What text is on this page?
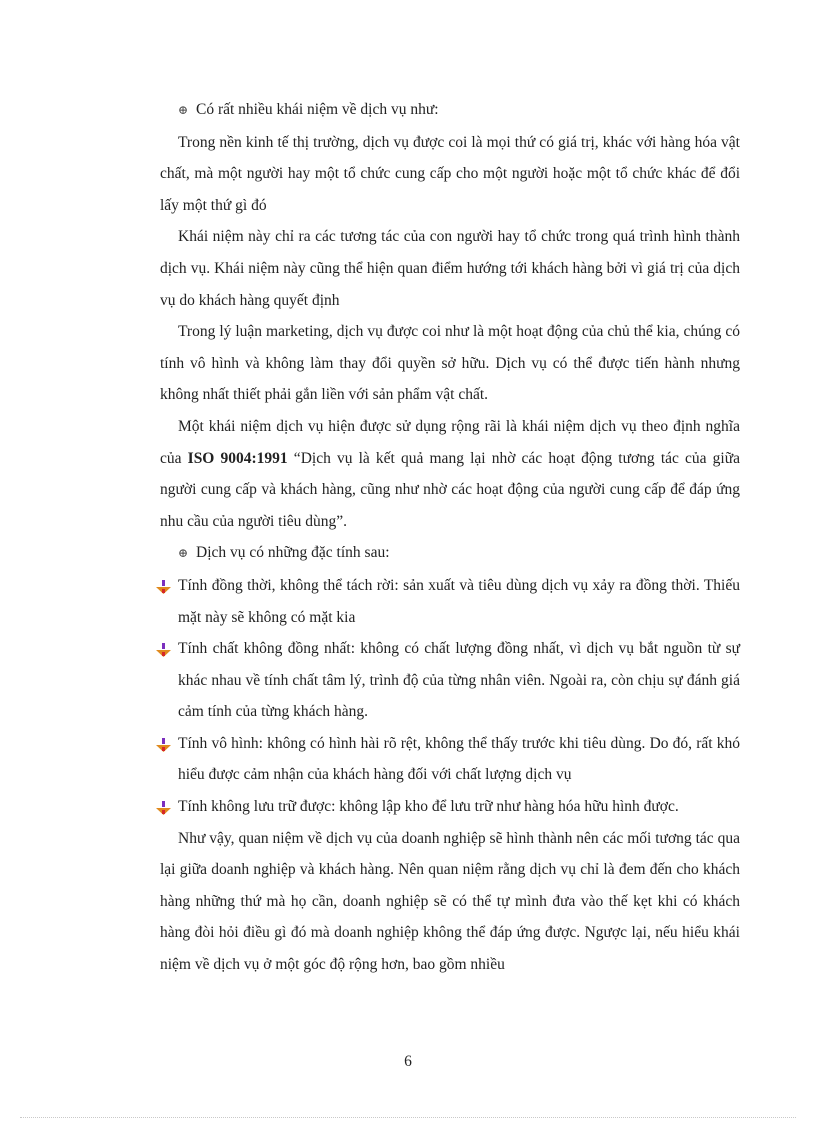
⊕ Có rất nhiều khái niệm về dịch vụ như:

Trong nền kinh tế thị trường, dịch vụ được coi là mọi thứ có giá trị, khác với hàng hóa vật chất, mà một người hay một tổ chức cung cấp cho một người hoặc một tổ chức khác để đổi lấy một thứ gì đó

Khái niệm này chỉ ra các tương tác của con người hay tổ chức trong quá trình hình thành dịch vụ. Khái niệm này cũng thể hiện quan điểm hướng tới khách hàng bởi vì giá trị của dịch vụ do khách hàng quyết định

Trong lý luận marketing, dịch vụ được coi như là một hoạt động của chủ thể kia, chúng có tính vô hình và không làm thay đổi quyền sở hữu. Dịch vụ có thể được tiến hành nhưng không nhất thiết phải gắn liền với sản phẩm vật chất.

Một khái niệm dịch vụ hiện được sử dụng rộng rãi là khái niệm dịch vụ theo định nghĩa của ISO 9004:1991 “Dịch vụ là kết quả mang lại nhờ các hoạt động tương tác của giữa người cung cấp và khách hàng, cũng như nhờ các hoạt động của người cung cấp để đáp ứng nhu cầu của người tiêu dùng”.

⊕ Dịch vụ có những đặc tính sau:

Tính đồng thời, không thể tách rời: sản xuất và tiêu dùng dịch vụ xảy ra đồng thời. Thiếu mặt này sẽ không có mặt kia
Tính chất không đồng nhất: không có chất lượng đồng nhất, vì dịch vụ bắt nguồn từ sự khác nhau về tính chất tâm lý, trình độ của từng nhân viên. Ngoài ra, còn chịu sự đánh giá cảm tính của từng khách hàng.
Tính vô hình: không có hình hài rõ rệt, không thể thấy trước khi tiêu dùng. Do đó, rất khó hiểu được cảm nhận của khách hàng đối với chất lượng dịch vụ
Tính không lưu trữ được: không lập kho để lưu trữ như hàng hóa hữu hình được.

Như vậy, quan niệm về dịch vụ của doanh nghiệp sẽ hình thành nên các mối tương tác qua lại giữa doanh nghiệp và khách hàng. Nên quan niệm rằng dịch vụ chỉ là đem đến cho khách hàng những thứ mà họ cần, doanh nghiệp sẽ có thể tự mình đưa vào thế kẹt khi có khách hàng đòi hỏi điều gì đó mà doanh nghiệp không thể đáp ứng được. Ngược lại, nếu hiểu khái niệm về dịch vụ ở một góc độ rộng hơn, bao gồm nhiều

6
